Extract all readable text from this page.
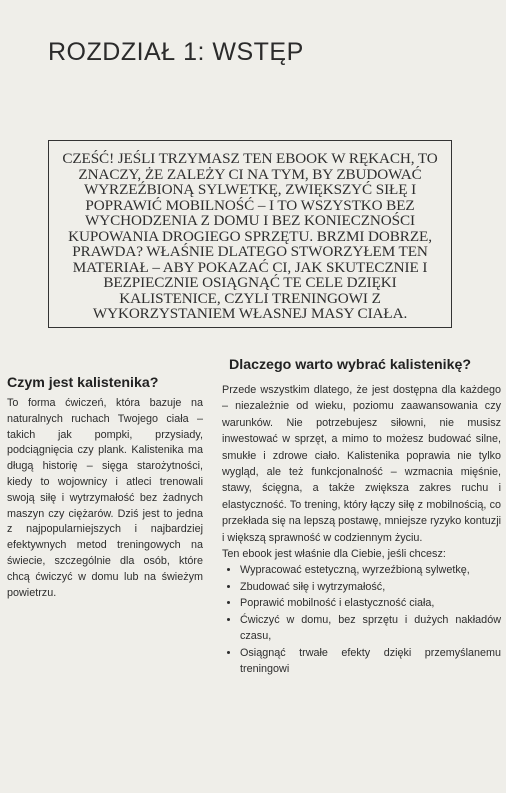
ROZDZIAŁ 1: WSTĘP

CZEŚĆ! JEŚLI TRZYMASZ TEN EBOOK W RĘKACH, TO ZNACZY, ŻE ZALEŻY CI NA TYM, BY ZBUDOWAĆ WYRZEŹBIONĄ SYLWETKĘ, ZWIĘKSZYĆ SIŁĘ I POPRAWIĆ MOBILNOŚĆ – I TO WSZYSTKO BEZ WYCHODZENIA Z DOMU I BEZ KONIECZNOŚCI KUPOWANIA DROGIEGO SPRZĘTU. BRZMI DOBRZE, PRAWDA? WŁAŚNIE DLATEGO STWORZYŁEM TEN MATERIAŁ – ABY POKAZAĆ CI, JAK SKUTECZNIE I BEZPIECZNIE OSIĄGNĄĆ TE CELE DZIĘKI KALISTENICE, CZYLI TRENINGOWI Z WYKORZYSTANIEM WŁASNEJ MASY CIAŁA.

Czym jest kalistenika?

To forma ćwiczeń, która bazuje na naturalnych ruchach Twojego ciała – takich jak pompki, przysiady, podciągnięcia czy plank. Kalistenika ma długą historię – sięga starożytności, kiedy to wojownicy i atleci trenowali swoją siłę i wytrzymałość bez żadnych maszyn czy ciężarów. Dziś jest to jedna z najpopularniejszych i najbardziej efektywnych metod treningowych na świecie, szczególnie dla osób, które chcą ćwiczyć w domu lub na świeżym powietrzu.

Dlaczego warto wybrać kalistenikę?

Przede wszystkim dlatego, że jest dostępna dla każdego – niezależnie od wieku, poziomu zaawansowania czy warunków. Nie potrzebujesz siłowni, nie musisz inwestować w sprzęt, a mimo to możesz budować silne, smukłe i zdrowe ciało. Kalistenika poprawia nie tylko wygląd, ale też funkcjonalność – wzmacnia mięśnie, stawy, ścięgna, a także zwiększa zakres ruchu i elastyczność. To trening, który łączy siłę z mobilnością, co przekłada się na lepszą postawę, mniejsze ryzyko kontuzji i większą sprawność w codziennym życiu.

Ten ebook jest właśnie dla Ciebie, jeśli chcesz:

• Wypracować estetyczną, wyrzeźbioną sylwetkę,
• Zbudować siłę i wytrzymałość,
• Poprawić mobilność i elastyczność ciała,
• Ćwiczyć w domu, bez sprzętu i dużych nakładów czasu,
• Osiągnąć trwałe efekty dzięki przemyślanemu treningowi
